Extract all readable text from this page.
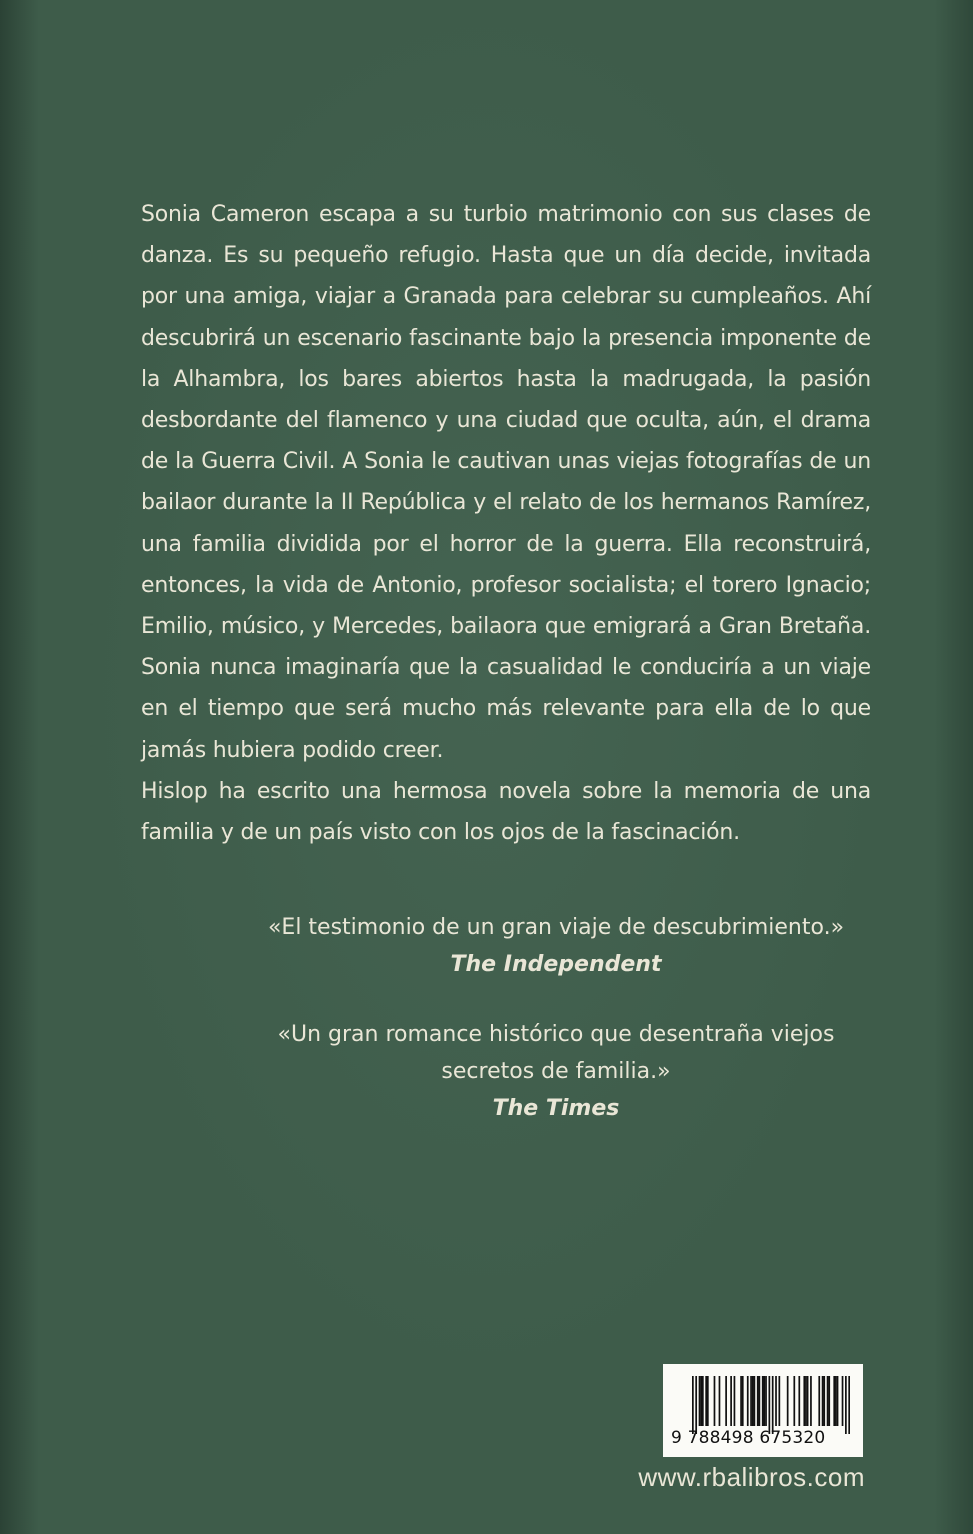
Sonia Cameron escapa a su turbio matrimonio con sus clases de danza. Es su pequeño refugio. Hasta que un día decide, invitada por una amiga, viajar a Granada para celebrar su cumpleaños. Ahí descubrirá un escenario fascinante bajo la presencia imponente de la Alhambra, los bares abiertos hasta la madrugada, la pasión desbordante del flamenco y una ciudad que oculta, aún, el drama de la Guerra Civil. A Sonia le cautivan unas viejas fotografías de un bailaor durante la II República y el relato de los hermanos Ramírez, una familia dividida por el horror de la guerra. Ella reconstruirá, entonces, la vida de Antonio, profesor socialista; el torero Ignacio; Emilio, músico, y Mercedes, bailaora que emigrará a Gran Bretaña. Sonia nunca imaginaría que la casualidad le conduciría a un viaje en el tiempo que será mucho más relevante para ella de lo que jamás hubiera podido creer.

Hislop ha escrito una hermosa novela sobre la memoria de una familia y de un país visto con los ojos de la fascinación.

«El testimonio de un gran viaje de descubrimiento.»
The Independent
«Un gran romance histórico que desentraña viejos
secretos de familia.»
The Times
9 788498 675320
www.rbalibros.com
